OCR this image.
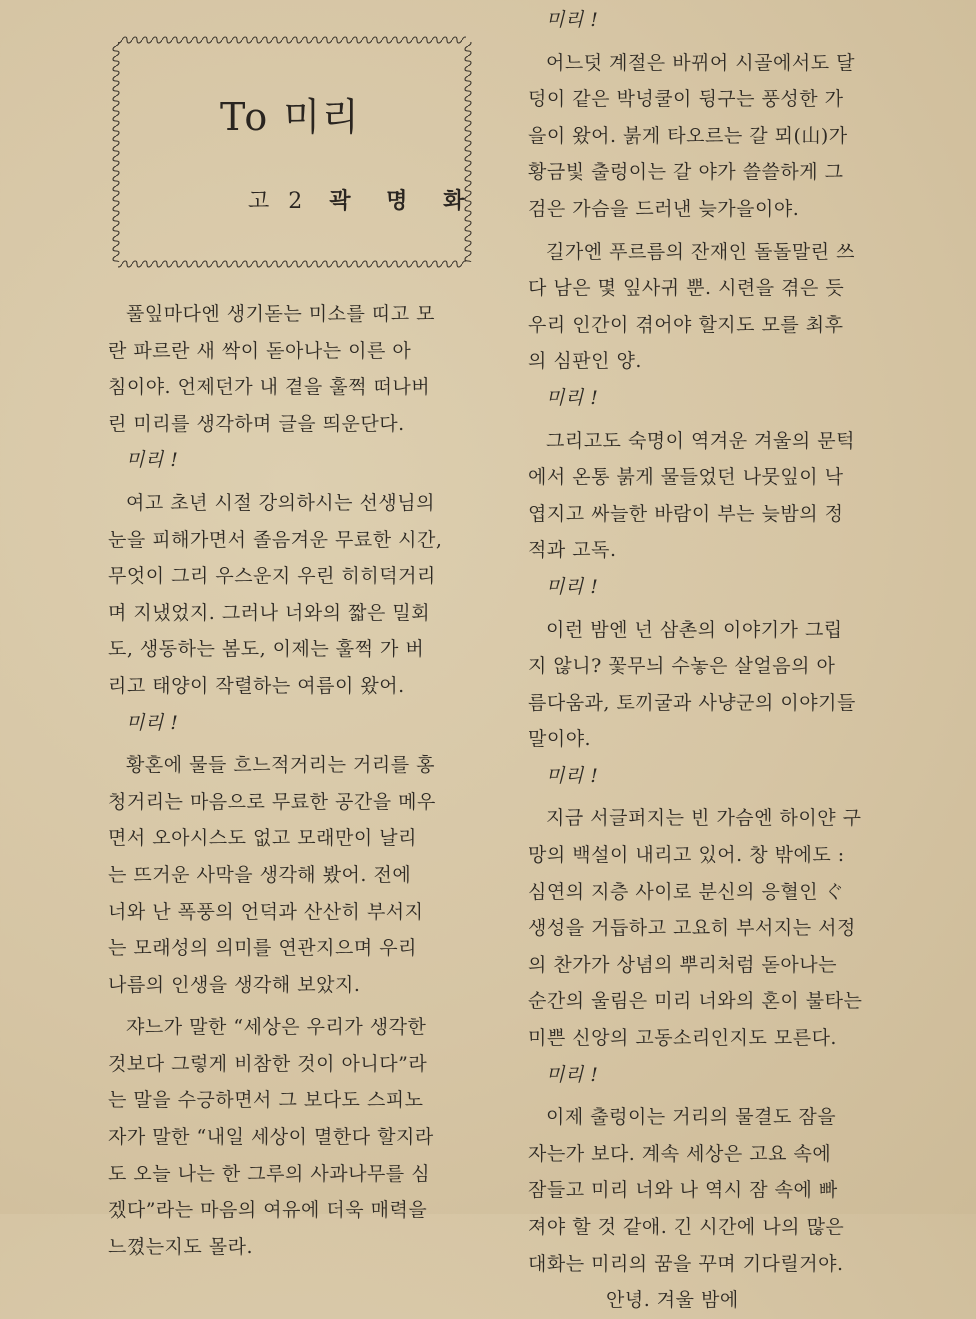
To 미리
고 2 곽 명 화

풀잎마다엔 생기돋는 미소를 띠고 모
란 파르란 새 싹이 돋아나는 이른 아
침이야. 언제던가 내 곁을 훌쩍 떠나버
린 미리를 생각하며 글을 띄운단다.

미리 !

여고 초년 시절 강의하시는 선생님의
눈을 피해가면서 졸음겨운 무료한 시간,
무엇이 그리 우스운지 우린 히히덕거리
며 지냈었지. 그러나 너와의 짧은 밀회
도, 생동하는 봄도, 이제는 훌쩍 가 버
리고 태양이 작렬하는 여름이 왔어.

미리 !

황혼에 물들 흐느적거리는 거리를 홍
청거리는 마음으로 무료한 공간을 메우
면서 오아시스도 없고 모래만이 날리
는 뜨거운 사막을 생각해 봤어. 전에
너와 난 폭풍의 언덕과 산산히 부서지
는 모래성의 의미를 연관지으며 우리
나름의 인생을 생각해 보았지.

쟈느가 말한 “세상은 우리가 생각한
것보다 그렇게 비참한 것이 아니다”라
는 말을 수긍하면서 그 보다도 스피노
자가 말한 “내일 세상이 멸한다 할지라
도 오늘 나는 한 그루의 사과나무를 심
겠다”라는 마음의 여유에 더욱 매력을
느꼈는지도 몰라.

미리 !

어느덧 계절은 바뀌어 시골에서도 달
덩이 같은 박넝쿨이 뒹구는 풍성한 가
을이 왔어. 붉게 타오르는 갈 뫼(山)가
황금빛 출렁이는 갈 야가 쓸쓸하게 그
검은 가슴을 드러낸 늦가을이야.

길가엔 푸르름의 잔재인 돌돌말린 쓰
다 남은 몇 잎사귀 뿐. 시련을 겪은 듯
우리 인간이 겪어야 할지도 모를 최후
의 심판인 양.

미리 !

그리고도 숙명이 역겨운 겨울의 문턱
에서 온통 붉게 물들었던 나뭇잎이 낙
엽지고 싸늘한 바람이 부는 늦밤의 정
적과 고독.

미리 !

이런 밤엔 넌 삼촌의 이야기가 그립
지 않니? 꽃무늬 수놓은 살얼음의 아
름다움과, 토끼굴과 사냥군의 이야기들
말이야.

미리 !

지금 서글퍼지는 빈 가슴엔 하이얀 구
망의 백설이 내리고 있어. 창 밖에도 :
심연의 지층 사이로 분신의 응혈인 ぐ
생성을 거듭하고 고요히 부서지는 서정
의 찬가가 상념의 뿌리처럼 돋아나는
순간의 울림은 미리 너와의 혼이 불타는
미쁜 신앙의 고동소리인지도 모른다.

미리 !

이제 출렁이는 거리의 물결도 잠을
자는가 보다. 계속 세상은 고요 속에
잠들고 미리 너와 나 역시 잠 속에 빠
져야 할 것 같애. 긴 시간에 나의 많은
대화는 미리의 꿈을 꾸며 기다릴거야.

안녕. 겨울 밤에
